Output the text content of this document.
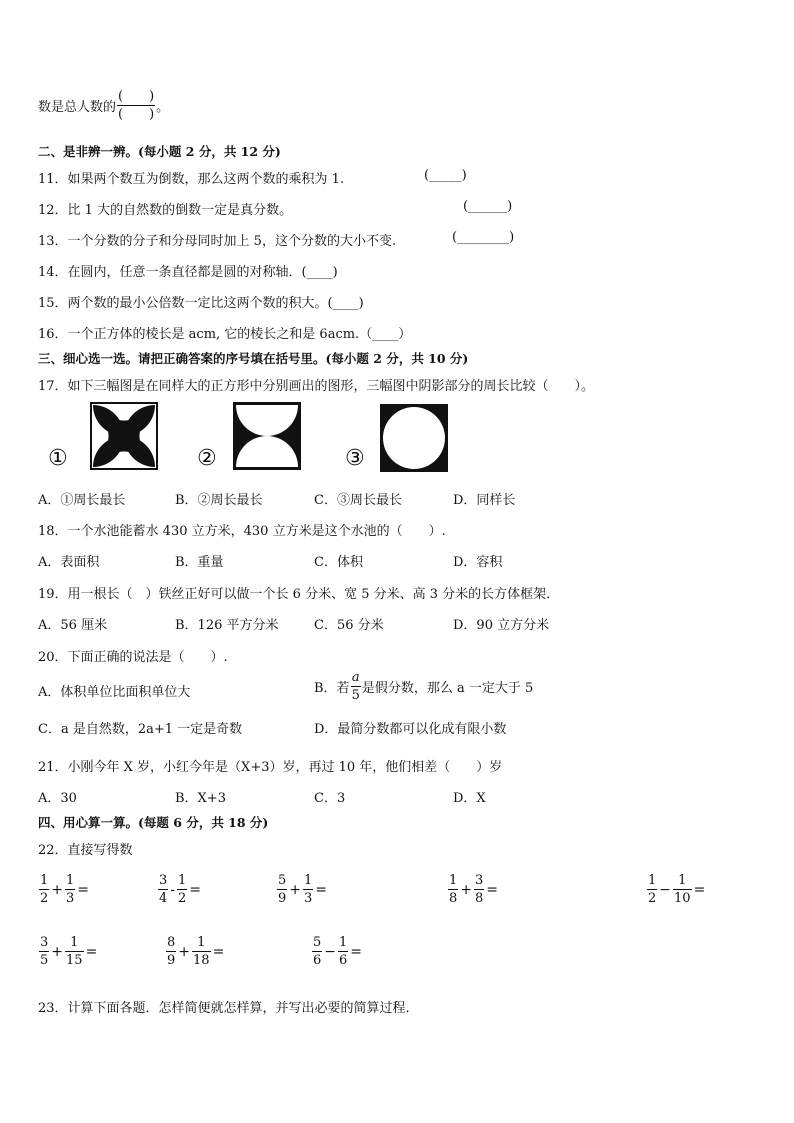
数是总人数的 $\frac{( )}{( )}$ 。
二、是非辨一辨。(每小题 2 分，共 12 分)
11．如果两个数互为倒数，那么这两个数的乘积为 1.	(_____)
12．比 1 大的自然数的倒数一定是真分数。	(______)
13．一个分数的分子和分母同时加上 5，这个分数的大小不变.	(________)
14．在圆内，任意一条直径都是圆的对称轴．(____)
15．两个数的最小公倍数一定比这两个数的积大。(____)
16．一个正方体的棱长是 acm, 它的棱长之和是 6acm.（____）
三、细心选一选。请把正确答案的序号填在括号里。(每小题 2 分，共 10 分)
17．如下三幅图是在同样大的正方形中分别画出的图形，三幅图中阴影部分的周长比较（　　）。
①	②	③
A．①周长最长	B．②周长最长	C．③周长最长	D．同样长
18．一个水池能蓄水 430 立方米，430 立方米是这个水池的（　　）.
A．表面积	B．重量	C．体积	D．容积
19．用一根长（　）铁丝正好可以做一个长 6 分米、宽 5 分米、高 3 分米的长方体框架．
A．56 厘米	B．126 平方分米	C．56 分米	D．90 立方分米
20．下面正确的说法是（　　）.
A．体积单位比面积单位大	B．若 $\frac{a}{5}$ 是假分数，那么 a 一定大于 5
C．a 是自然数，2a+1 一定是奇数	D．最简分数都可以化成有限小数
21．小刚今年 X 岁，小红今年是（X+3）岁，再过 10 年，他们相差（　　）岁
A．30	B．X+3	C．3	D．X
四、用心算一算。(每题 6 分，共 18 分)
22．直接写得数
$\frac{1}{2} + \frac{1}{3}$ =	$\frac{3}{4} - \frac{1}{2}$ =	$\frac{5}{9} + \frac{1}{3}$ =	$\frac{1}{8} + \frac{3}{8}$ =	$\frac{1}{2} - \frac{1}{10}$ =
$\frac{3}{5} + \frac{1}{15}$ =	$\frac{8}{9} + \frac{1}{18}$ =	$\frac{5}{6} - \frac{1}{6}$ =
23．计算下面各题．怎样简便就怎样算，并写出必要的简算过程．
